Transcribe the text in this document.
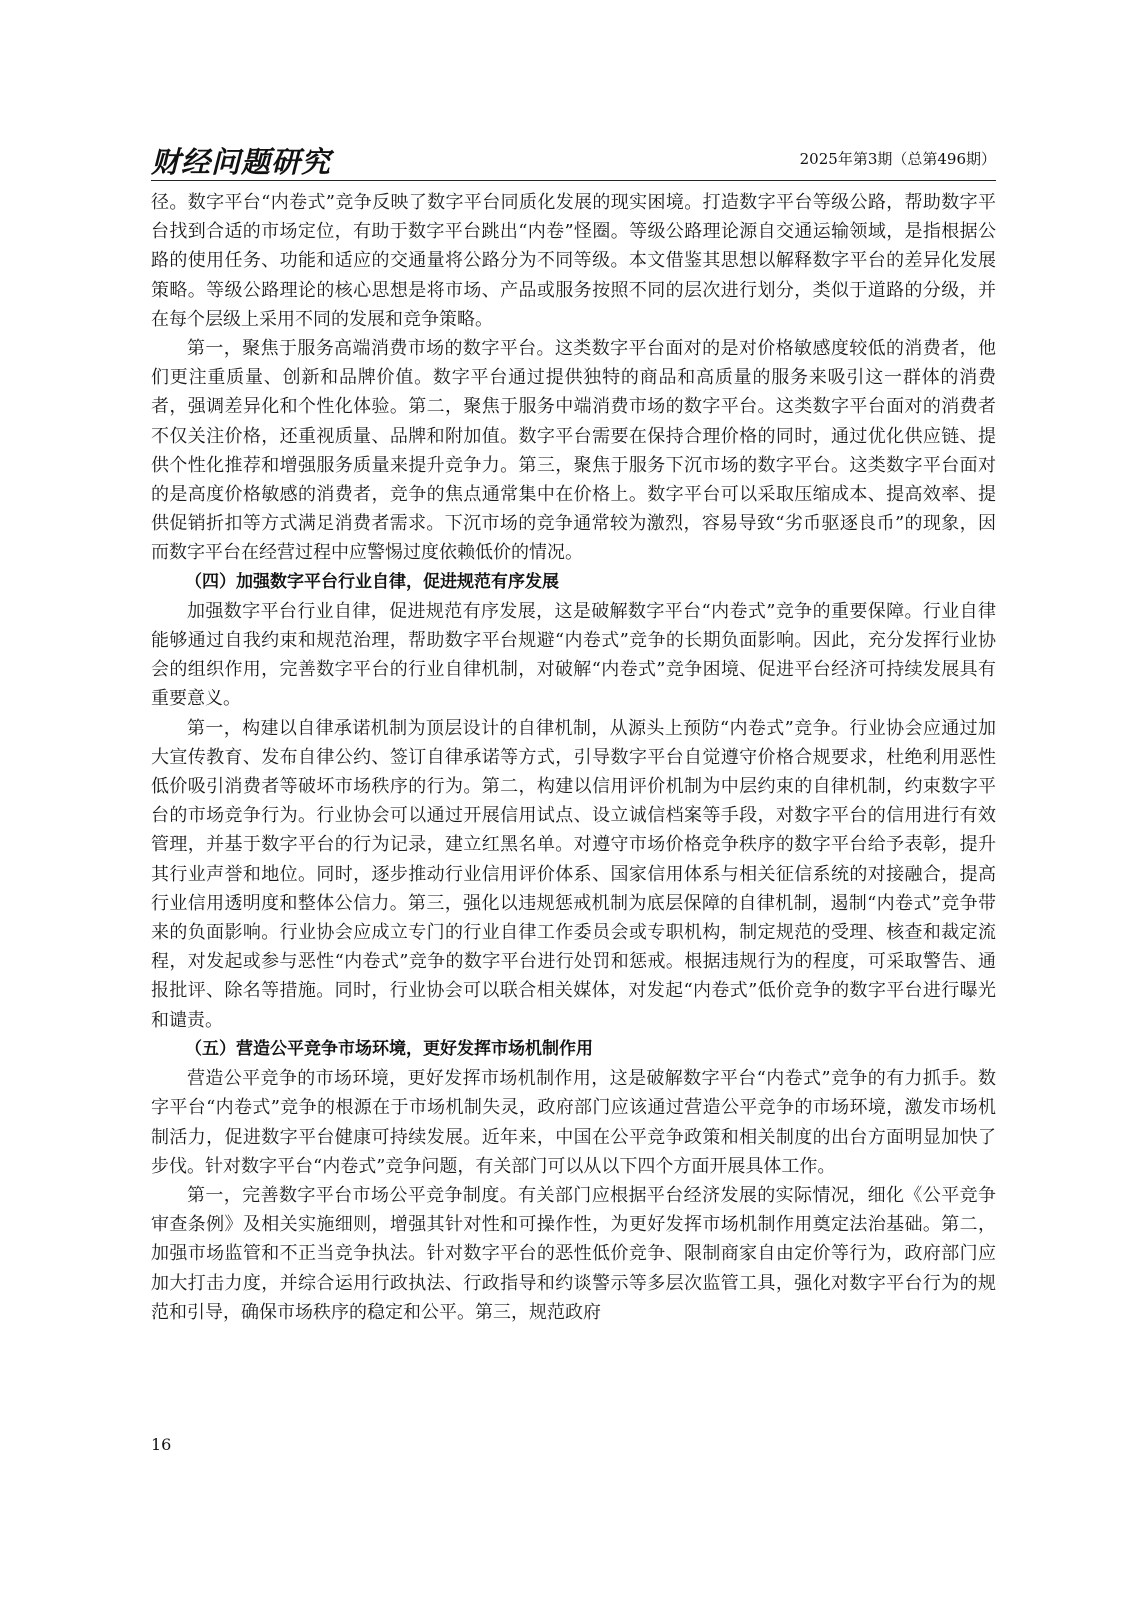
财经问题研究	2025年第3期（总第496期）

径。数字平台“内卷式”竞争反映了数字平台同质化发展的现实困境。打造数字平台等级公路，帮助数字平台找到合适的市场定位，有助于数字平台跳出“内卷”怪圈。等级公路理论源自交通运输领域，是指根据公路的使用任务、功能和适应的交通量将公路分为不同等级。本文借鉴其思想以解释数字平台的差异化发展策略。等级公路理论的核心思想是将市场、产品或服务按照不同的层次进行划分，类似于道路的分级，并在每个层级上采用不同的发展和竞争策略。

第一，聚焦于服务高端消费市场的数字平台。这类数字平台面对的是对价格敏感度较低的消费者，他们更注重质量、创新和品牌价值。数字平台通过提供独特的商品和高质量的服务来吸引这一群体的消费者，强调差异化和个性化体验。第二，聚焦于服务中端消费市场的数字平台。这类数字平台面对的消费者不仅关注价格，还重视质量、品牌和附加值。数字平台需要在保持合理价格的同时，通过优化供应链、提供个性化推荐和增强服务质量来提升竞争力。第三，聚焦于服务下沉市场的数字平台。这类数字平台面对的是高度价格敏感的消费者，竞争的焦点通常集中在价格上。数字平台可以采取压缩成本、提高效率、提供促销折扣等方式满足消费者需求。下沉市场的竞争通常较为激烈，容易导致“劣币驱逐良币”的现象，因而数字平台在经营过程中应警惕过度依赖低价的情况。

（四）加强数字平台行业自律，促进规范有序发展

加强数字平台行业自律，促进规范有序发展，这是破解数字平台“内卷式”竞争的重要保障。行业自律能够通过自我约束和规范治理，帮助数字平台规避“内卷式”竞争的长期负面影响。因此，充分发挥行业协会的组织作用，完善数字平台的行业自律机制，对破解“内卷式”竞争困境、促进平台经济可持续发展具有重要意义。

第一，构建以自律承诺机制为顶层设计的自律机制，从源头上预防“内卷式”竞争。行业协会应通过加大宣传教育、发布自律公约、签订自律承诺等方式，引导数字平台自觉遵守价格合规要求，杜绝利用恶性低价吸引消费者等破坏市场秩序的行为。第二，构建以信用评价机制为中层约束的自律机制，约束数字平台的市场竞争行为。行业协会可以通过开展信用试点、设立诚信档案等手段，对数字平台的信用进行有效管理，并基于数字平台的行为记录，建立红黑名单。对遵守市场价格竞争秩序的数字平台给予表彰，提升其行业声誉和地位。同时，逐步推动行业信用评价体系、国家信用体系与相关征信系统的对接融合，提高行业信用透明度和整体公信力。第三，强化以违规惩戒机制为底层保障的自律机制，遏制“内卷式”竞争带来的负面影响。行业协会应成立专门的行业自律工作委员会或专职机构，制定规范的受理、核查和裁定流程，对发起或参与恶性“内卷式”竞争的数字平台进行处罚和惩戒。根据违规行为的程度，可采取警告、通报批评、除名等措施。同时，行业协会可以联合相关媒体，对发起“内卷式”低价竞争的数字平台进行曝光和谴责。

（五）营造公平竞争市场环境，更好发挥市场机制作用

营造公平竞争的市场环境，更好发挥市场机制作用，这是破解数字平台“内卷式”竞争的有力抓手。数字平台“内卷式”竞争的根源在于市场机制失灵，政府部门应该通过营造公平竞争的市场环境，激发市场机制活力，促进数字平台健康可持续发展。近年来，中国在公平竞争政策和相关制度的出台方面明显加快了步伐。针对数字平台“内卷式”竞争问题，有关部门可以从以下四个方面开展具体工作。

第一，完善数字平台市场公平竞争制度。有关部门应根据平台经济发展的实际情况，细化《公平竞争审查条例》及相关实施细则，增强其针对性和可操作性，为更好发挥市场机制作用奠定法治基础。第二，加强市场监管和不正当竞争执法。针对数字平台的恶性低价竞争、限制商家自由定价等行为，政府部门应加大打击力度，并综合运用行政执法、行政指导和约谈警示等多层次监管工具，强化对数字平台行为的规范和引导，确保市场秩序的稳定和公平。第三，规范政府

16
